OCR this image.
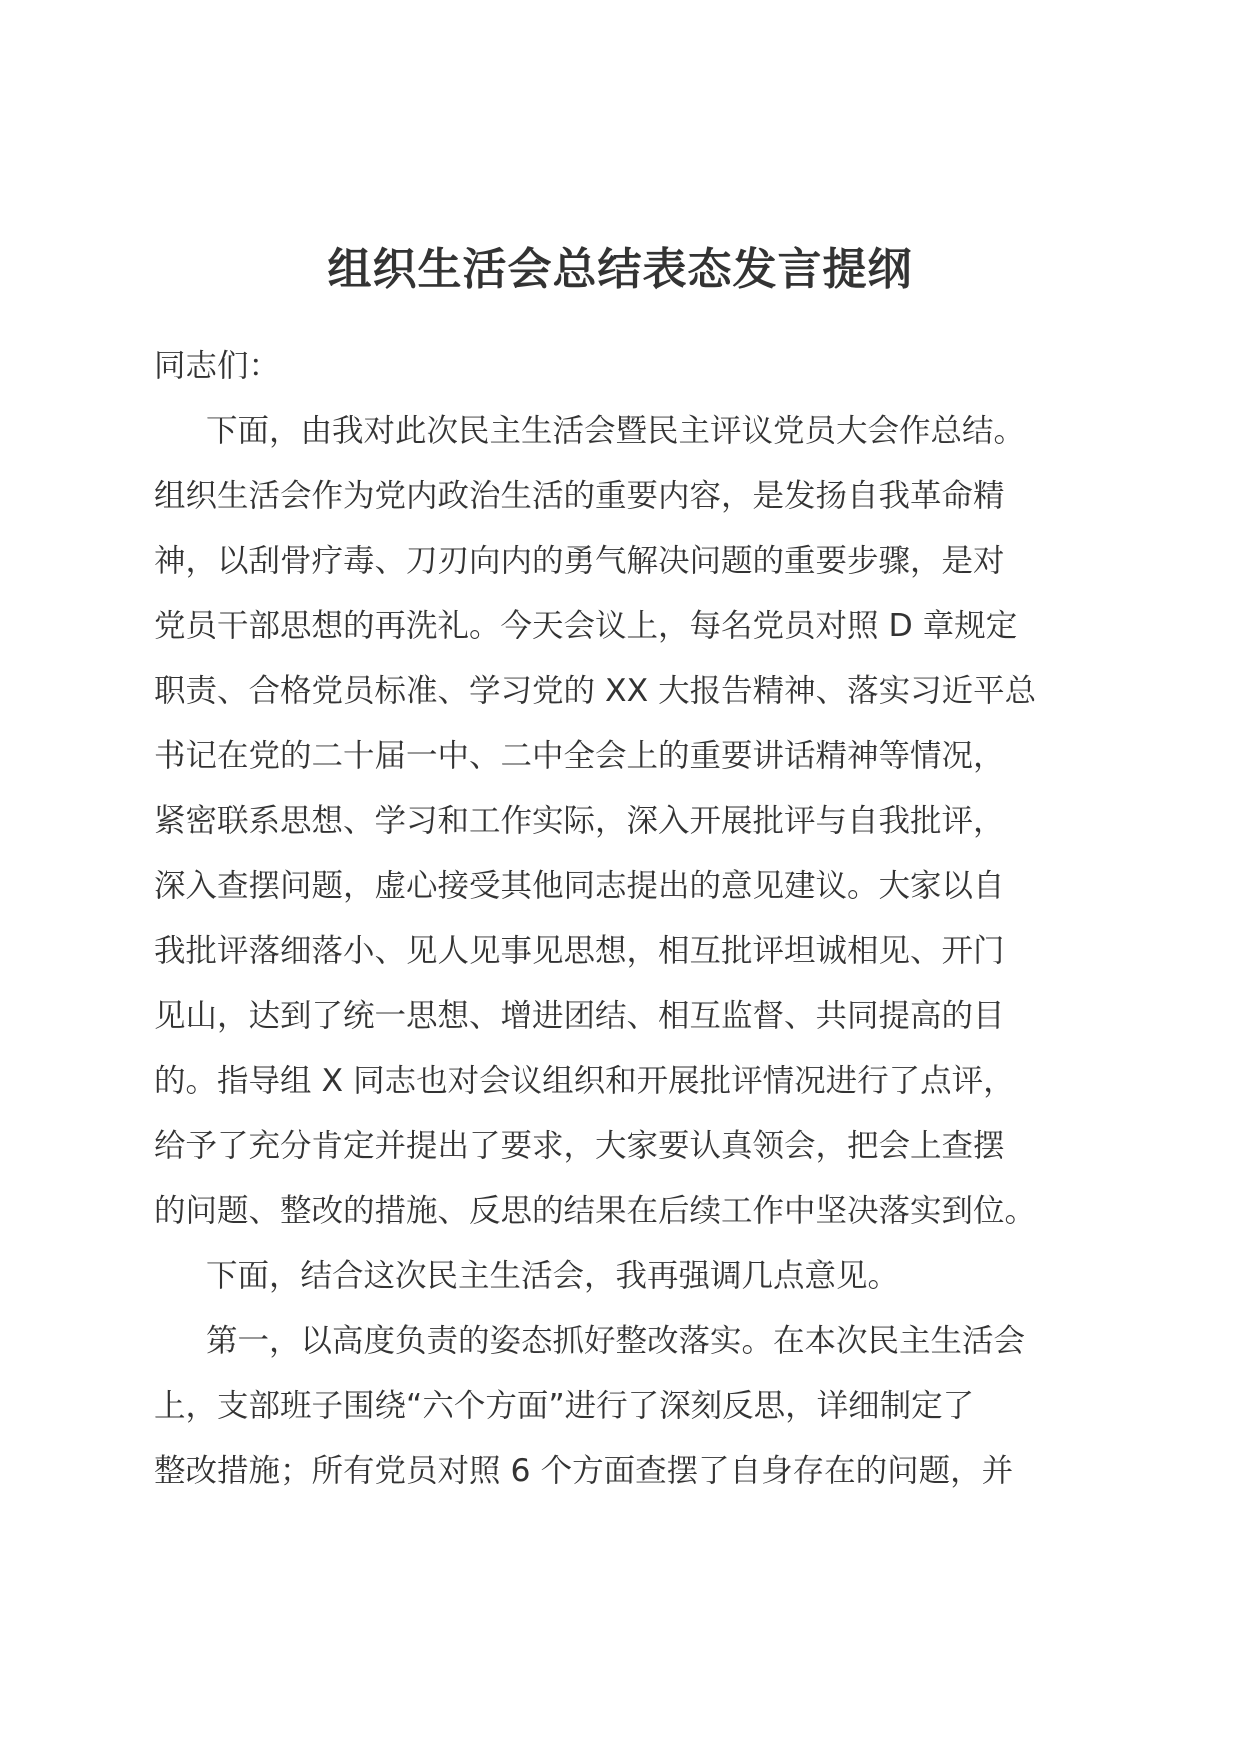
组织生活会总结表态发言提纲
同志们：
下面，由我对此次民主生活会暨民主评议党员大会作总结。
组织生活会作为党内政治生活的重要内容，是发扬自我革命精
神，以刮骨疗毒、刀刃向内的勇气解决问题的重要步骤，是对
党员干部思想的再洗礼。今天会议上，每名党员对照 D 章规定
职责、合格党员标准、学习党的 XX 大报告精神、落实习近平总
书记在党的二十届一中、二中全会上的重要讲话精神等情况，
紧密联系思想、学习和工作实际，深入开展批评与自我批评，
深入查摆问题，虚心接受其他同志提出的意见建议。大家以自
我批评落细落小、见人见事见思想，相互批评坦诚相见、开门
见山，达到了统一思想、增进团结、相互监督、共同提高的目
的。指导组 X 同志也对会议组织和开展批评情况进行了点评，
给予了充分肯定并提出了要求，大家要认真领会，把会上查摆
的问题、整改的措施、反思的结果在后续工作中坚决落实到位。
下面，结合这次民主生活会，我再强调几点意见。
第一，以高度负责的姿态抓好整改落实。在本次民主生活会
上，支部班子围绕“六个方面”进行了深刻反思，详细制定了
整改措施；所有党员对照 6 个方面查摆了自身存在的问题，并
